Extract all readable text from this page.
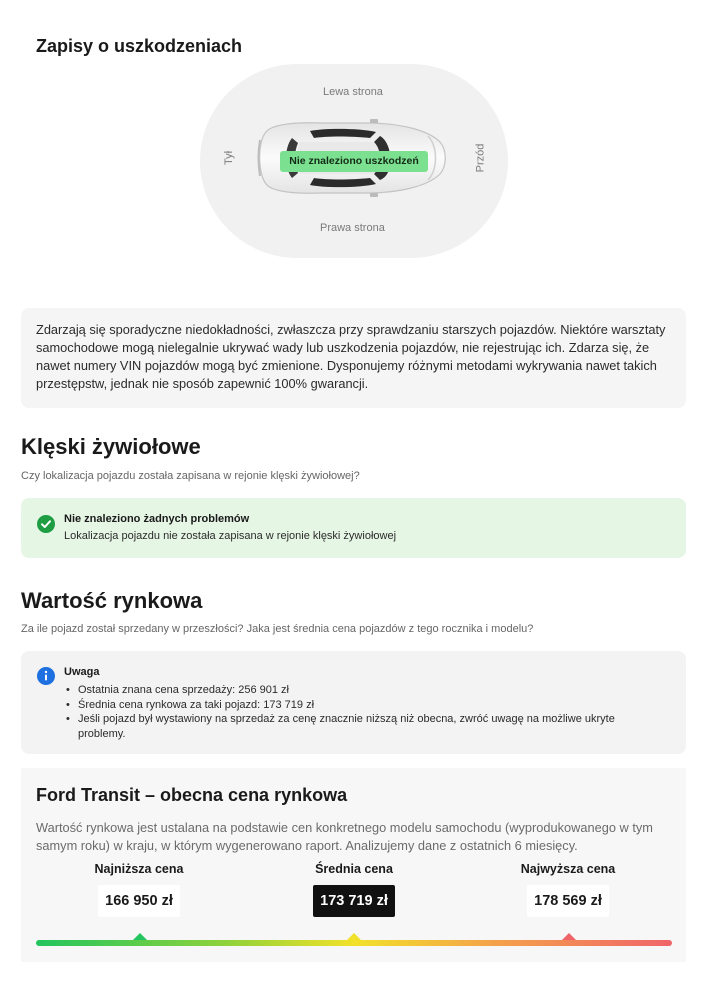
Zapisy o uszkodzeniach
Lewa strona
Prawa strona
Tył	Przód
Nie znaleziono uszkodzeń
Zdarzają się sporadyczne niedokładności, zwłaszcza przy sprawdzaniu starszych pojazdów. Niektóre warsztaty samochodowe mogą nielegalnie ukrywać wady lub uszkodzenia pojazdów, nie rejestrując ich. Zdarza się, że nawet numery VIN pojazdów mogą być zmienione. Dysponujemy różnymi metodami wykrywania nawet takich przestępstw, jednak nie sposób zapewnić 100% gwarancji.
Klęski żywiołowe
Czy lokalizacja pojazdu została zapisana w rejonie klęski żywiołowej?
Nie znaleziono żadnych problemów
Lokalizacja pojazdu nie została zapisana w rejonie klęski żywiołowej
Wartość rynkowa
Za ile pojazd został sprzedany w przeszłości? Jaka jest średnia cena pojazdów z tego rocznika i modelu?
Uwaga
• Ostatnia znana cena sprzedaży: 256 901 zł
• Średnia cena rynkowa za taki pojazd: 173 719 zł
• Jeśli pojazd był wystawiony na sprzedaż za cenę znacznie niższą niż obecna, zwróć uwagę na możliwe ukryte problemy.
Ford Transit – obecna cena rynkowa
Wartość rynkowa jest ustalana na podstawie cen konkretnego modelu samochodu (wyprodukowanego w tym samym roku) w kraju, w którym wygenerowano raport. Analizujemy dane z ostatnich 6 miesięcy.
Najniższa cena
166 950 zł
Średnia cena
173 719 zł
Najwyższa cena
178 569 zł
